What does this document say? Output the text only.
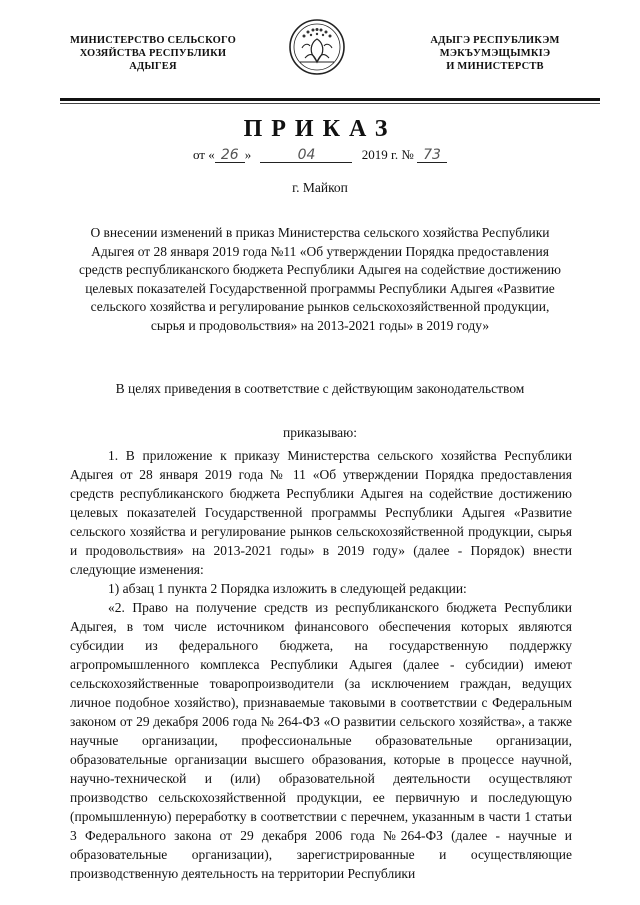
МИНИСТЕРСТВО СЕЛЬСКОГО
ХОЗЯЙСТВА РЕСПУБЛИКИ
АДЫГЕЯ
АДЫГЭ РЕСПУБЛИКЭМ
МЭКЪУМЭЩЫМКІЭ
И МИНИСТЕРСТВ
ПРИКАЗ
от « 26 »	04	2019 г. № 73
г. Майкоп
О внесении изменений в приказ Министерства сельского хозяйства Республики Адыгея от 28 января 2019 года №11 «Об утверждении Порядка предоставления средств республиканского бюджета Республики Адыгея на содействие достижению целевых показателей Государственной программы Республики Адыгея «Развитие сельского хозяйства и регулирование рынков сельскохозяйственной продукции, сырья и продовольствия» на 2013-2021 годы» в 2019 году»
В целях приведения в соответствие с действующим законодательством
приказываю:

1. В приложение к приказу Министерства сельского хозяйства Республики Адыгея от 28 января 2019 года № 11 «Об утверждении Порядка предоставления средств республиканского бюджета Республики Адыгея на содействие достижению целевых показателей Государственной программы Республики Адыгея «Развитие сельского хозяйства и регулирование рынков сельскохозяйственной продукции, сырья и продовольствия» на 2013-2021 годы» в 2019 году» (далее - Порядок) внести следующие изменения:

1) абзац 1 пункта 2 Порядка изложить в следующей редакции:

«2. Право на получение средств из республиканского бюджета Республики Адыгея, в том числе источником финансового обеспечения которых являются субсидии из федерального бюджета, на государственную поддержку агропромышленного комплекса Республики Адыгея (далее - субсидии) имеют сельскохозяйственные товаропроизводители (за исключением граждан, ведущих личное подобное хозяйство), признаваемые таковыми в соответствии с Федеральным законом от 29 декабря 2006 года № 264-ФЗ «О развитии сельского хозяйства», а также научные организации, профессиональные образовательные организации, образовательные организации высшего образования, которые в процессе научной, научно-технической и (или) образовательной деятельности осуществляют производство сельскохозяйственной продукции, ее первичную и последующую (промышленную) переработку в соответствии с перечнем, указанным в части 1 статьи 3 Федерального закона от 29 декабря 2006 года №264-ФЗ (далее - научные и образовательные организации), зарегистрированные и осуществляющие производственную деятельность на территории Республики
